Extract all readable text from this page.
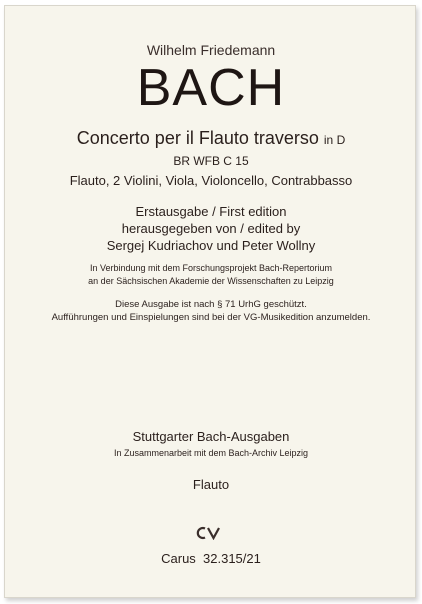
Wilhelm Friedemann
BACH
Concerto per il Flauto traverso in D
BR WFB C 15
Flauto, 2 Violini, Viola, Violoncello, Contrabbasso
Erstausgabe / First edition
herausgegeben von / edited by
Sergej Kudriachov und Peter Wollny
In Verbindung mit dem Forschungsprojekt Bach-Repertorium
an der Sächsischen Akademie der Wissenschaften zu Leipzig
Diese Ausgabe ist nach § 71 UrhG geschützt.
Aufführungen und Einspielungen sind bei der VG-Musikedition anzumelden.
Stuttgarter Bach-Ausgaben
In Zusammenarbeit mit dem Bach-Archiv Leipzig
Flauto
Carus  32.315/21
